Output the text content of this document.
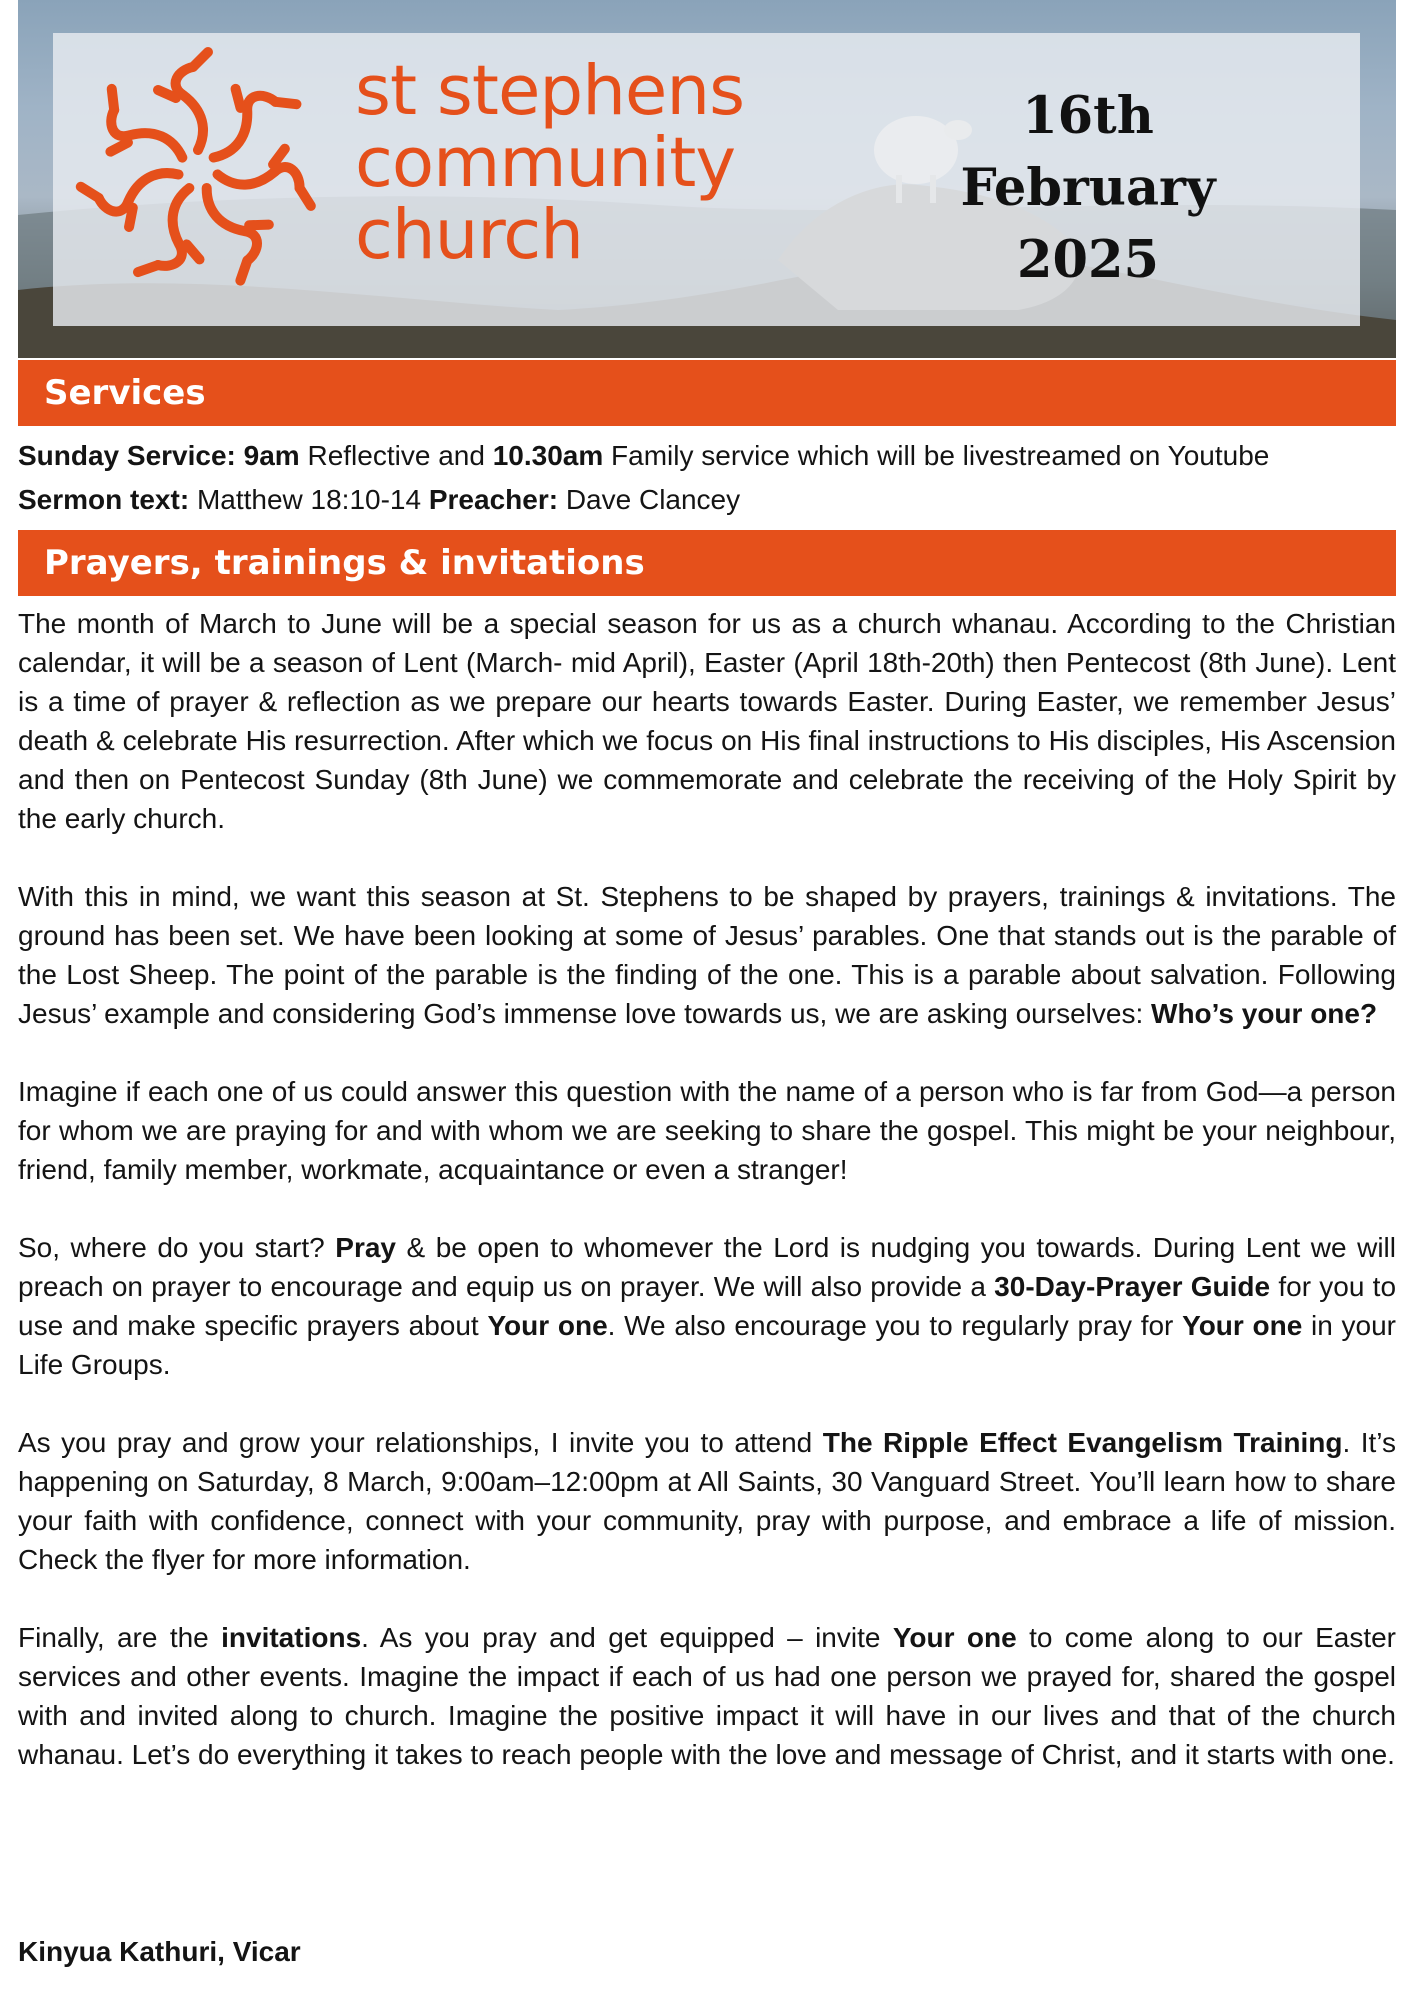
st stephens
community
church
16th
February
2025
Services
Sunday Service: 9am Reflective and 10.30am Family service which will be livestreamed on Youtube
Sermon text: Matthew 18:10-14 Preacher: Dave Clancey
Prayers, trainings & invitations

The month of March to June will be a special season for us as a church whanau. According to the Christian calendar, it will be a season of Lent (March- mid April), Easter (April 18th-20th) then Pentecost (8th June). Lent is a time of prayer & reflection as we prepare our hearts towards Easter. During Easter, we remember Jesus’ death & celebrate His resurrection. After which we focus on His final instructions to His disciples, His Ascension and then on Pentecost Sunday (8th June) we commemorate and celebrate the receiving of the Holy Spirit by the early church.

With this in mind, we want this season at St. Stephens to be shaped by prayers, trainings & invitations. The ground has been set. We have been looking at some of Jesus’ parables. One that stands out is the parable of the Lost Sheep. The point of the parable is the finding of the one. This is a parable about salvation. Following Jesus’ example and considering God’s immense love towards us, we are asking ourselves: Who’s your one?

Imagine if each one of us could answer this question with the name of a person who is far from God—a person for whom we are praying for and with whom we are seeking to share the gospel. This might be your neighbour, friend, family member, workmate, acquaintance or even a stranger!

So, where do you start? Pray & be open to whomever the Lord is nudging you towards. During Lent we will preach on prayer to encourage and equip us on prayer. We will also provide a 30-Day-Prayer Guide for you to use and make specific prayers about Your one. We also encourage you to regularly pray for Your one in your Life Groups.

As you pray and grow your relationships, I invite you to attend The Ripple Effect Evangelism Training. It’s happening on Saturday, 8 March, 9:00am–12:00pm at All Saints, 30 Vanguard Street. You’ll learn how to share your faith with confidence, connect with your community, pray with purpose, and embrace a life of mission. Check the flyer for more information.

Finally, are the invitations. As you pray and get equipped – invite Your one to come along to our Easter services and other events. Imagine the impact if each of us had one person we prayed for, shared the gospel with and invited along to church. Imagine the positive impact it will have in our lives and that of the church whanau. Let’s do everything it takes to reach people with the love and message of Christ, and it starts with one.

Kinyua Kathuri, Vicar
